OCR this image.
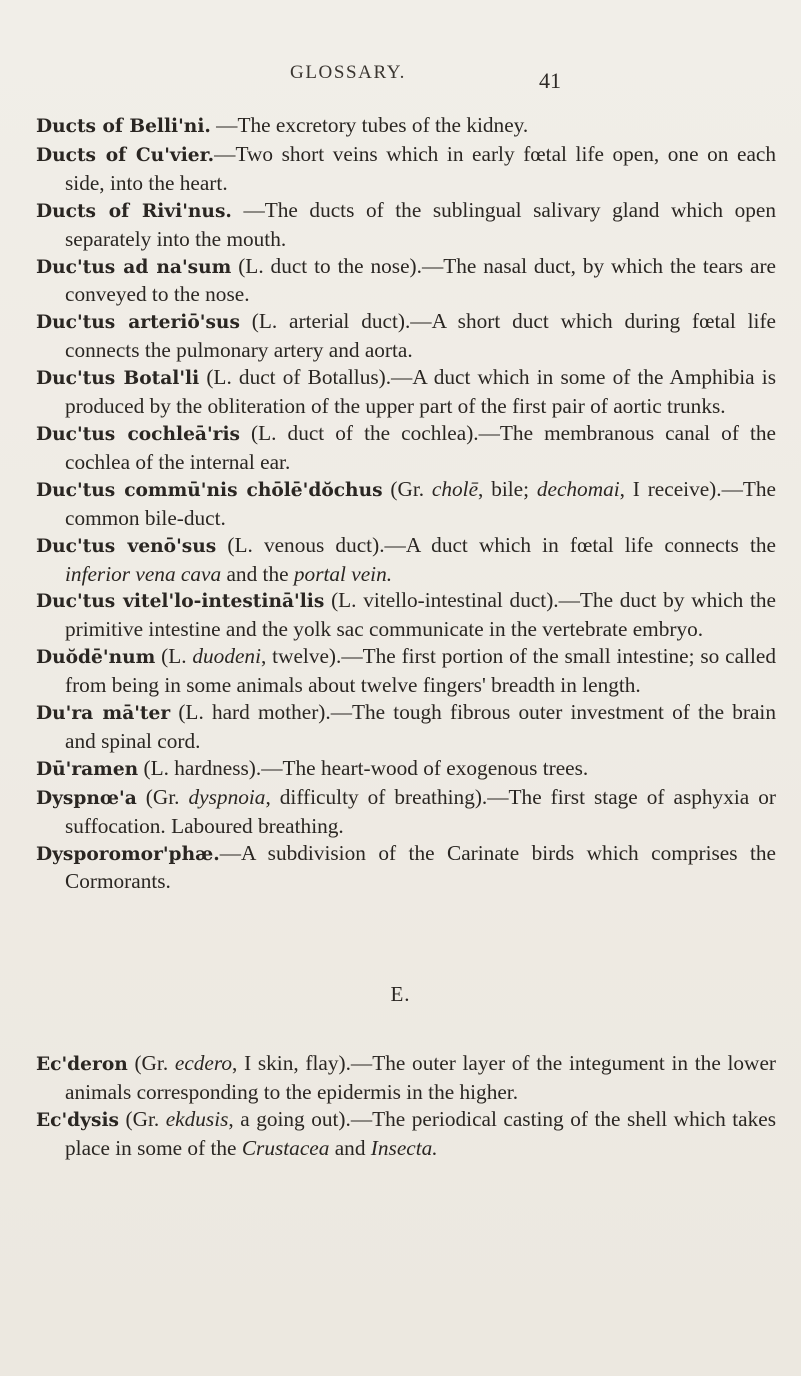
GLOSSARY.	41

Ducts of Belli'ni. —The excretory tubes of the kidney.

Ducts of Cu'vier.—Two short veins which in early fœtal life open, one on each side, into the heart.

Ducts of Rivi'nus. —The ducts of the sublingual salivary gland which open separately into the mouth.

Duc'tus ad na'sum (L. duct to the nose).—The nasal duct, by which the tears are conveyed to the nose.

Duc'tus arteriō'sus (L. arterial duct).—A short duct which during fœtal life connects the pulmonary artery and aorta.

Duc'tus Botal'li (L. duct of Botallus).—A duct which in some of the Amphibia is produced by the obliteration of the upper part of the first pair of aortic trunks.

Duc'tus cochleā'ris (L. duct of the cochlea).—The membranous canal of the cochlea of the internal ear.

Duc'tus commū'nis chōlē'dŏchus (Gr. cholē, bile; dechomai, I receive).—The common bile-duct.

Duc'tus venō'sus (L. venous duct).—A duct which in fœtal life connects the inferior vena cava and the portal vein.

Duc'tus vitel'lo-intestinā'lis (L. vitello-intestinal duct).—The duct by which the primitive intestine and the yolk sac communicate in the vertebrate embryo.

Duŏdē'num (L. duodeni, twelve).—The first portion of the small intestine; so called from being in some animals about twelve fingers' breadth in length.

Du'ra mā'ter (L. hard mother).—The tough fibrous outer investment of the brain and spinal cord.

Dū'ramen (L. hardness).—The heart-wood of exogenous trees.

Dyspnœ'a (Gr. dyspnoia, difficulty of breathing).—The first stage of asphyxia or suffocation. Laboured breathing.

Dysporomor'phæ.—A subdivision of the Carinate birds which comprises the Cormorants.

E.

Ec'deron (Gr. ecdero, I skin, flay).—The outer layer of the integument in the lower animals corresponding to the epidermis in the higher.

Ec'dysis (Gr. ekdusis, a going out).—The periodical casting of the shell which takes place in some of the Crustacea and Insecta.
